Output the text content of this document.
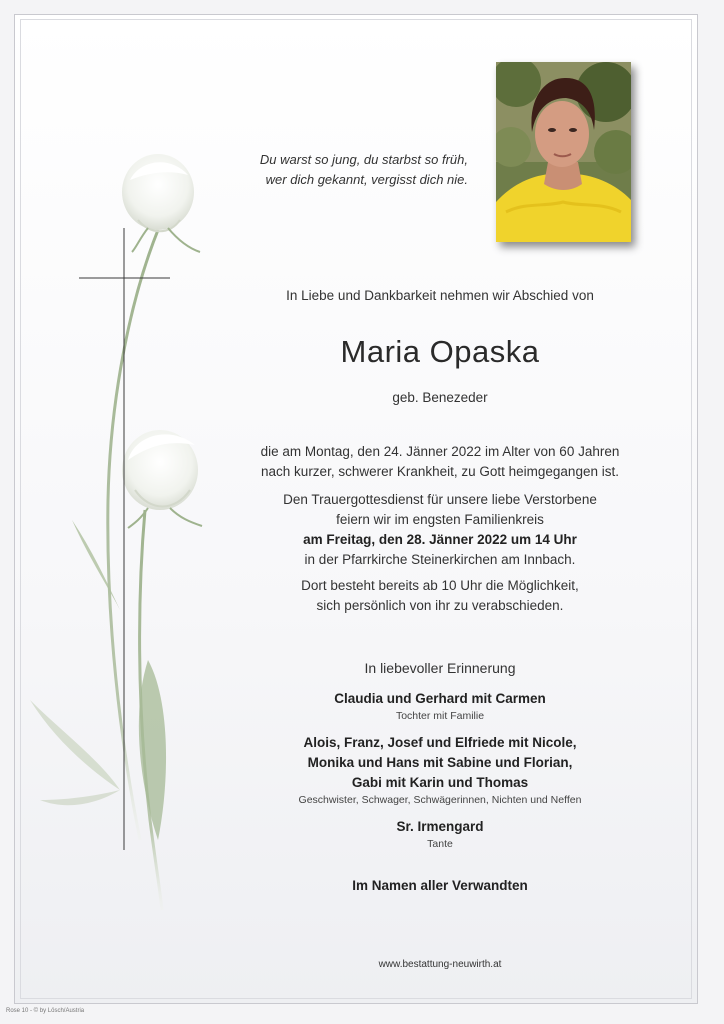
Du warst so jung, du starbst so früh,
wer dich gekannt, vergisst dich nie.
In Liebe und Dankbarkeit nehmen wir Abschied von
Maria Opaska
geb. Benezeder
die am Montag, den 24. Jänner 2022 im Alter von 60 Jahren
nach kurzer, schwerer Krankheit, zu Gott heimgegangen ist.
Den Trauergottesdienst für unsere liebe Verstorbene
feiern wir im engsten Familienkreis
am Freitag, den 28. Jänner 2022 um 14 Uhr
in der Pfarrkirche Steinerkirchen am Innbach.
Dort besteht bereits ab 10 Uhr die Möglichkeit,
sich persönlich von ihr zu verabschieden.
In liebevoller Erinnerung
Claudia und Gerhard mit Carmen
Tochter mit Familie
Alois, Franz, Josef und Elfriede mit Nicole,
Monika und Hans mit Sabine und Florian,
Gabi mit Karin und Thomas
Geschwister, Schwager, Schwägerinnen, Nichten und Neffen
Sr. Irmengard
Tante
Im Namen aller Verwandten
www.bestattung-neuwirth.at
Rose 10 - © by Lösch/Austria
